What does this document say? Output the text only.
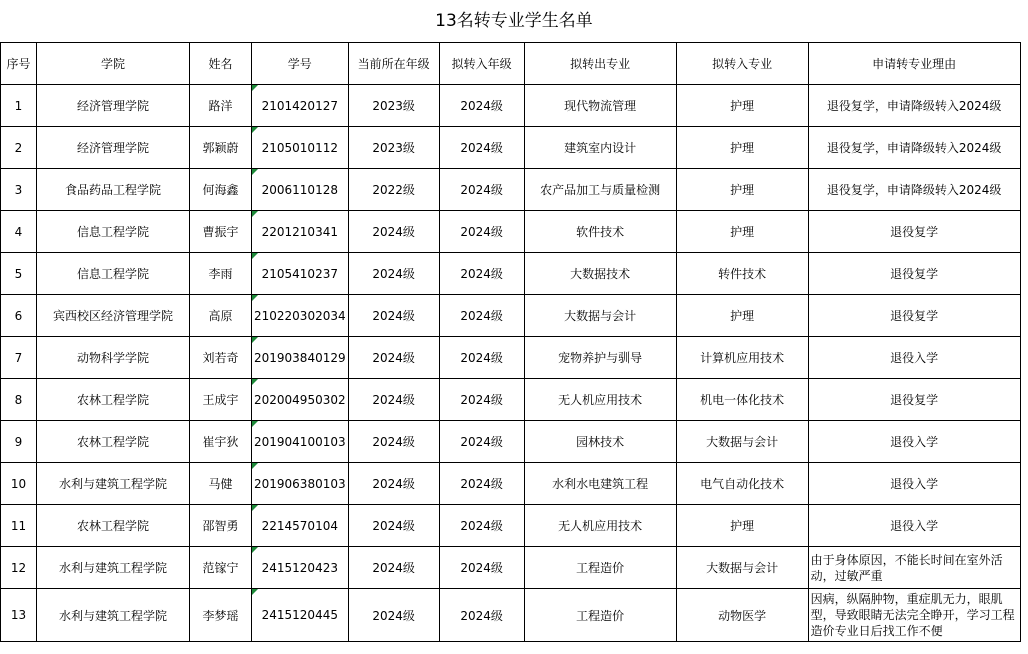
13名转专业学生名单
序号	学院	姓名	学号	当前所在年级	拟转入年级	拟转出专业	拟转入专业	申请转专业理由
1	经济管理学院	路洋	2101420127	2023级	2024级	现代物流管理	护理	退役复学，申请降级转入2024级
2	经济管理学院	郭颖蔚	2105010112	2023级	2024级	建筑室内设计	护理	退役复学，申请降级转入2024级
3	食品药品工程学院	何海鑫	2006110128	2022级	2024级	农产品加工与质量检测	护理	退役复学，申请降级转入2024级
4	信息工程学院	曹振宇	2201210341	2024级	2024级	软件技术	护理	退役复学
5	信息工程学院	李雨	2105410237	2024级	2024级	大数据技术	转件技术	退役复学
6	宾西校区经济管理学院	高原	210220302034	2024级	2024级	大数据与会计	护理	退役复学
7	动物科学学院	刘若奇	201903840129	2024级	2024级	宠物养护与驯导	计算机应用技术	退役入学
8	农林工程学院	王成宇	202004950302	2024级	2024级	无人机应用技术	机电一体化技术	退役复学
9	农林工程学院	崔宇狄	201904100103	2024级	2024级	园林技术	大数据与会计	退役入学
10	水利与建筑工程学院	马健	201906380103	2024级	2024级	水利水电建筑工程	电气自动化技术	退役入学
11	农林工程学院	邵智勇	2214570104	2024级	2024级	无人机应用技术	护理	退役入学
12	水利与建筑工程学院	范镓宁	2415120423	2024级	2024级	工程造价	大数据与会计	由于身体原因，不能长时间在室外活动，过敏严重
13	水利与建筑工程学院	李梦瑶	2415120445	2024级	2024级	工程造价	动物医学	因病，纵隔肿物，重症肌无力，眼肌型，导致眼睛无法完全睁开，学习工程造价专业日后找工作不便
